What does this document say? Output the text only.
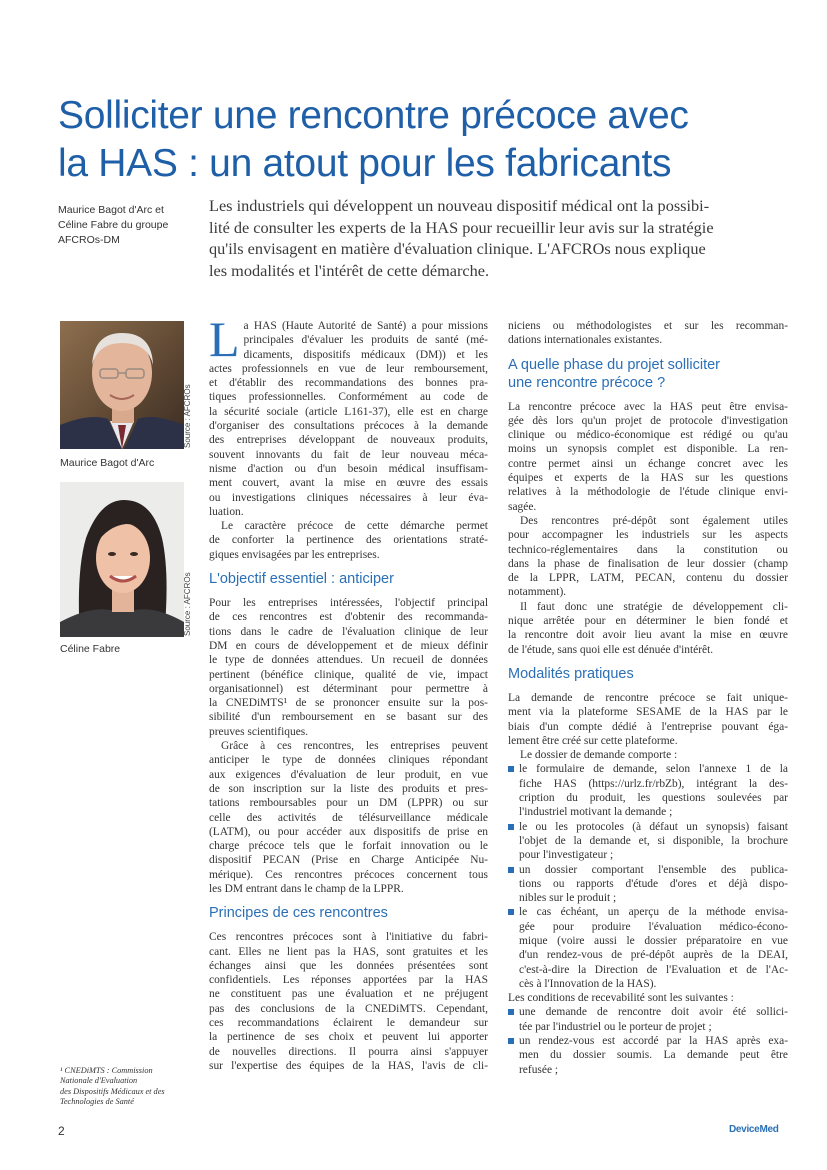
Solliciter une rencontre précoce avec
la HAS : un atout pour les fabricants
Maurice Bagot d'Arc et
Céline Fabre du groupe
AFCROs-DM
Les industriels qui développent un nouveau dispositif médical ont la possibi-
lité de consulter les experts de la HAS pour recueillir leur avis sur la stratégie
qu'ils envisagent en matière d'évaluation clinique. L'AFCROs nous explique
les modalités et l'intérêt de cette démarche.
Source : AFCROs
Maurice Bagot d'Arc
Source : AFCROs
Céline Fabre
¹ CNEDiMTS : Commission
Nationale d'Evaluation
des Dispositifs Médicaux et des
Technologies de Santé
L a HAS (Haute Autorité de Santé) a pour missions
principales d'évaluer les produits de santé (mé-
dicaments, dispositifs médicaux (DM)) et les
actes professionnels en vue de leur remboursement,
et d'établir des recommandations des bonnes pra-
tiques professionnelles. Conformément au code de
la sécurité sociale (article L161-37), elle est en charge
d'organiser des consultations précoces à la demande
des entreprises développant de nouveaux produits,
souvent innovants du fait de leur nouveau méca-
nisme d'action ou d'un besoin médical insuffisam-
ment couvert, avant la mise en œuvre des essais
ou investigations cliniques nécessaires à leur éva-
luation.
Le caractère précoce de cette démarche permet
de conforter la pertinence des orientations straté-
giques envisagées par les entreprises.
L'objectif essentiel : anticiper
Pour les entreprises intéressées, l'objectif principal
de ces rencontres est d'obtenir des recommanda-
tions dans le cadre de l'évaluation clinique de leur
DM en cours de développement et de mieux définir
le type de données attendues. Un recueil de données
pertinent (bénéfice clinique, qualité de vie, impact
organisationnel) est déterminant pour permettre à
la CNEDiMTS¹ de se prononcer ensuite sur la pos-
sibilité d'un remboursement en se basant sur des
preuves scientifiques.
Grâce à ces rencontres, les entreprises peuvent
anticiper le type de données cliniques répondant
aux exigences d'évaluation de leur produit, en vue
de son inscription sur la liste des produits et pres-
tations remboursables pour un DM (LPPR) ou sur
celle des activités de télésurveillance médicale
(LATM), ou pour accéder aux dispositifs de prise en
charge précoce tels que le forfait innovation ou le
dispositif PECAN (Prise en Charge Anticipée Nu-
mérique). Ces rencontres précoces concernent tous
les DM entrant dans le champ de la LPPR.
Principes de ces rencontres
Ces rencontres précoces sont à l'initiative du fabri-
cant. Elles ne lient pas la HAS, sont gratuites et les
échanges ainsi que les données présentées sont
confidentiels. Les réponses apportées par la HAS
ne constituent pas une évaluation et ne préjugent
pas des conclusions de la CNEDiMTS. Cependant,
ces recommandations éclairent le demandeur sur
la pertinence de ses choix et peuvent lui apporter
de nouvelles directions. Il pourra ainsi s'appuyer
sur l'expertise des équipes de la HAS, l'avis de cli-
niciens ou méthodologistes et sur les recomman-
dations internationales existantes.
A quelle phase du projet solliciter
une rencontre précoce ?
La rencontre précoce avec la HAS peut être envisa-
gée dès lors qu'un projet de protocole d'investigation
clinique ou médico-économique est rédigé ou qu'au
moins un synopsis complet est disponible. La ren-
contre permet ainsi un échange concret avec les
équipes et experts de la HAS sur les questions
relatives à la méthodologie de l'étude clinique envi-
sagée.
Des rencontres pré-dépôt sont également utiles
pour accompagner les industriels sur les aspects
technico-réglementaires dans la constitution ou
dans la phase de finalisation de leur dossier (champ
de la LPPR, LATM, PECAN, contenu du dossier
notamment).
Il faut donc une stratégie de développement cli-
nique arrêtée pour en déterminer le bien fondé et
la rencontre doit avoir lieu avant la mise en œuvre
de l'étude, sans quoi elle est dénuée d'intérêt.
Modalités pratiques
La demande de rencontre précoce se fait unique-
ment via la plateforme SESAME de la HAS par le
biais d'un compte dédié à l'entreprise pouvant éga-
lement être créé sur cette plateforme.
Le dossier de demande comporte :
le formulaire de demande, selon l'annexe 1 de la
fiche HAS (https://urlz.fr/rbZb), intégrant la des-
cription du produit, les questions soulevées par
l'industriel motivant la demande ;
le ou les protocoles (à défaut un synopsis) faisant
l'objet de la demande et, si disponible, la brochure
pour l'investigateur ;
un dossier comportant l'ensemble des publica-
tions ou rapports d'étude d'ores et déjà dispo-
nibles sur le produit ;
le cas échéant, un aperçu de la méthode envisa-
gée pour produire l'évaluation médico-écono-
mique (voire aussi le dossier préparatoire en vue
d'un rendez-vous de pré-dépôt auprès de la DEAI,
c'est-à-dire la Direction de l'Evaluation et de l'Ac-
cès à l'Innovation de la HAS).
Les conditions de recevabilité sont les suivantes :
une demande de rencontre doit avoir été sollici-
tée par l'industriel ou le porteur de projet ;
un rendez-vous est accordé par la HAS après exa-
men du dossier soumis. La demande peut être
refusée ;
2	DeviceMed
